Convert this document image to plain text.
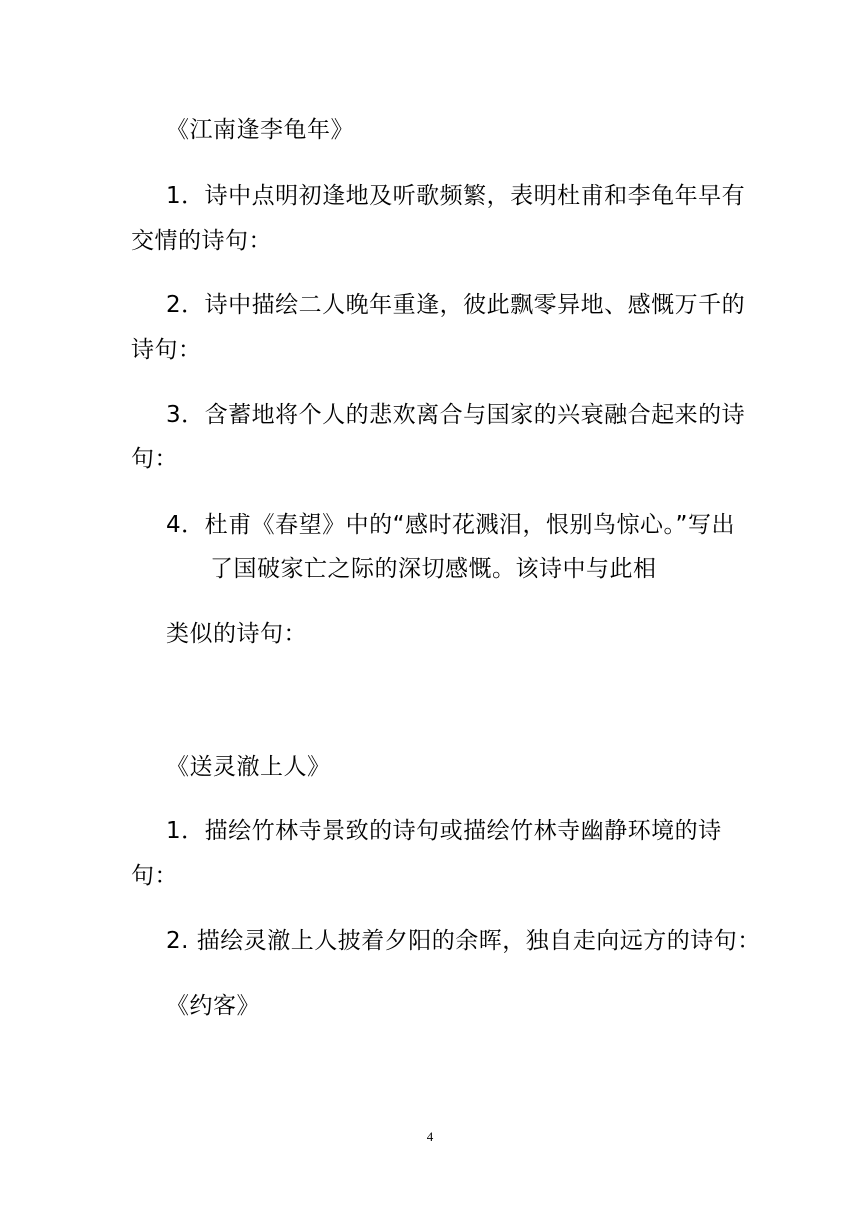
《江南逢李龟年》
1．诗中点明初逢地及听歌频繁，表明杜甫和李龟年早有
交情的诗句：
2．诗中描绘二人晚年重逢，彼此飘零异地、感慨万千的
诗句：
3．含蓄地将个人的悲欢离合与国家的兴衰融合起来的诗
句：
4．杜甫《春望》中的“感时花溅泪，恨别鸟惊心。”写出
了国破家亡之际的深切感慨。该诗中与此相
类似的诗句：
《送灵澈上人》
1．描绘竹林寺景致的诗句或描绘竹林寺幽静环境的诗
句：
2. 描绘灵澈上人披着夕阳的余晖，独自走向远方的诗句：
《约客》
4
